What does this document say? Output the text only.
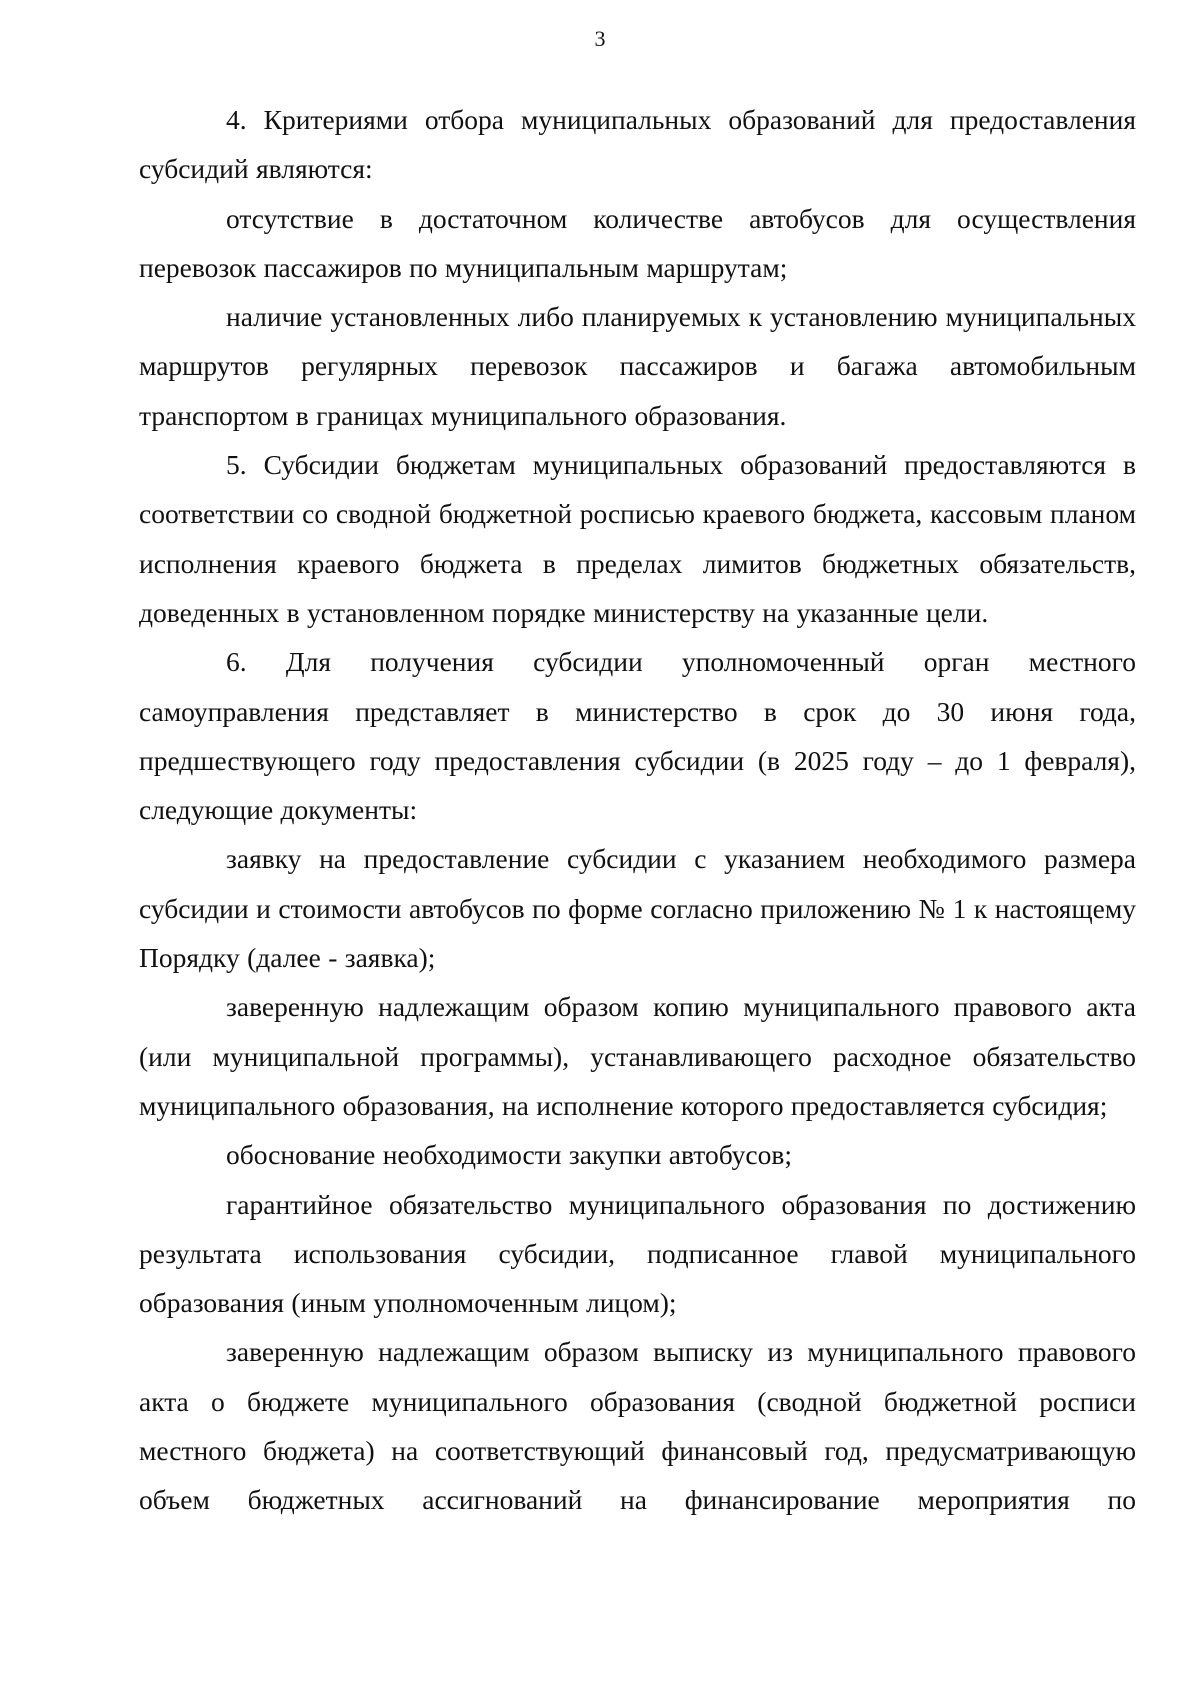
3

4. Критериями отбора муниципальных образований для предоставления субсидий являются:

отсутствие в достаточном количестве автобусов для осуществления перевозок пассажиров по муниципальным маршрутам;

наличие установленных либо планируемых к установлению муниципальных маршрутов регулярных перевозок пассажиров и багажа автомобильным транспортом в границах муниципального образования.

5. Субсидии бюджетам муниципальных образований предоставляются в соответствии со сводной бюджетной росписью краевого бюджета, кассовым планом исполнения краевого бюджета в пределах лимитов бюджетных обязательств, доведенных в установленном порядке министерству на указанные цели.

6. Для получения субсидии уполномоченный орган местного самоуправления представляет в министерство в срок до 30 июня года, предшествующего году предоставления субсидии (в 2025 году – до 1 февраля), следующие документы:

заявку на предоставление субсидии с указанием необходимого размера субсидии и стоимости автобусов по форме согласно приложению № 1 к настоящему Порядку (далее - заявка);

заверенную надлежащим образом копию муниципального правового акта (или муниципальной программы), устанавливающего расходное обязательство муниципального образования, на исполнение которого предоставляется субсидия;

обоснование необходимости закупки автобусов;

гарантийное обязательство муниципального образования по достижению результата использования субсидии, подписанное главой муниципального образования (иным уполномоченным лицом);

заверенную надлежащим образом выписку из муниципального правового акта о бюджете муниципального образования (сводной бюджетной росписи местного бюджета) на соответствующий финансовый год, предусматривающую объем бюджетных ассигнований на финансирование мероприятия по
